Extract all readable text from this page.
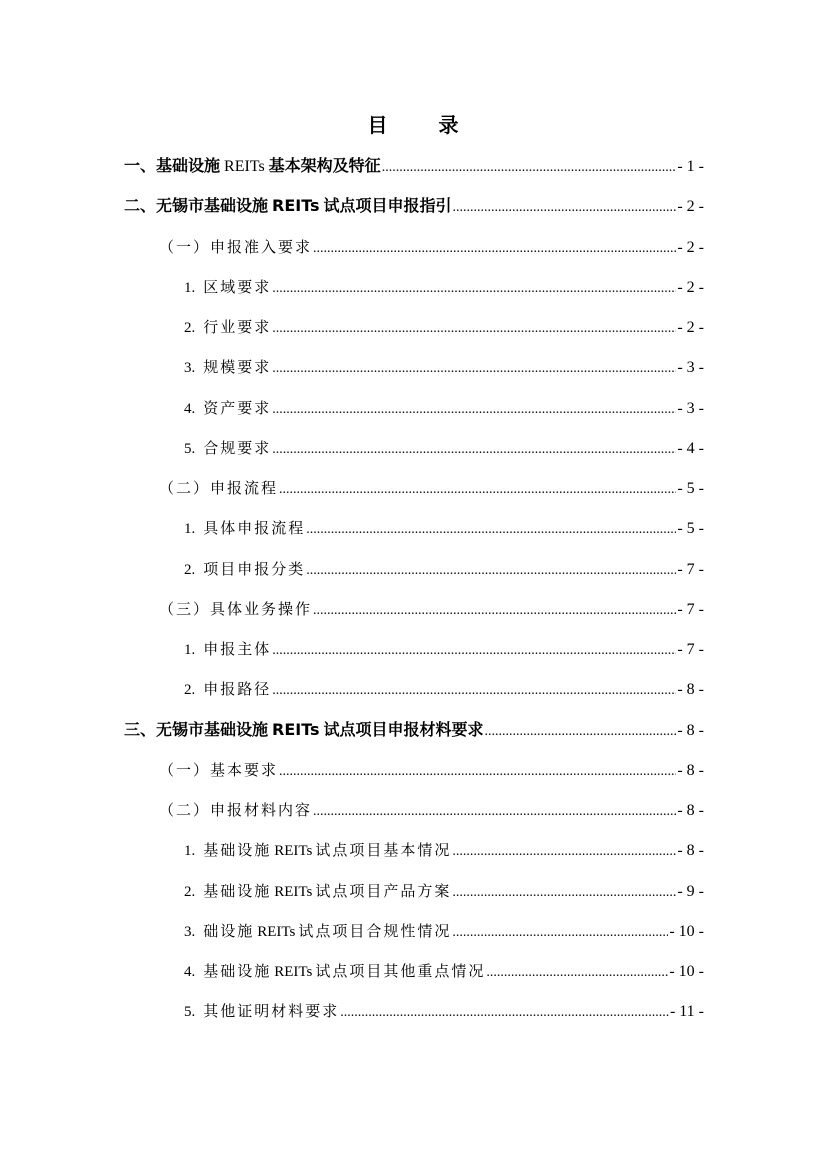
目 录
一、基础设施 REITs 基本架构及特征 .....	- 1 -
二、无锡市基础设施 REITs 试点项目申报指引 .....	- 2 -
（一）申报准入要求 .....	- 2 -
1. 区域要求 .....	- 2 -
2. 行业要求 .....	- 2 -
3. 规模要求 .....	- 3 -
4. 资产要求 .....	- 3 -
5. 合规要求 .....	- 4 -
（二）申报流程 .....	- 5 -
1. 具体申报流程 .....	- 5 -
2. 项目申报分类 .....	- 7 -
（三）具体业务操作 .....	- 7 -
1. 申报主体 .....	- 7 -
2. 申报路径 .....	- 8 -
三、无锡市基础设施 REITs 试点项目申报材料要求 .....	- 8 -
（一）基本要求 .....	- 8 -
（二）申报材料内容 .....	- 8 -
1. 基础设施 REITs 试点项目基本情况 .....	- 8 -
2. 基础设施 REITs 试点项目产品方案 .....	- 9 -
3. 础设施 REITs 试点项目合规性情况 .....	- 10 -
4. 基础设施 REITs 试点项目其他重点情况 .....	- 10 -
5. 其他证明材料要求 .....	- 11 -
